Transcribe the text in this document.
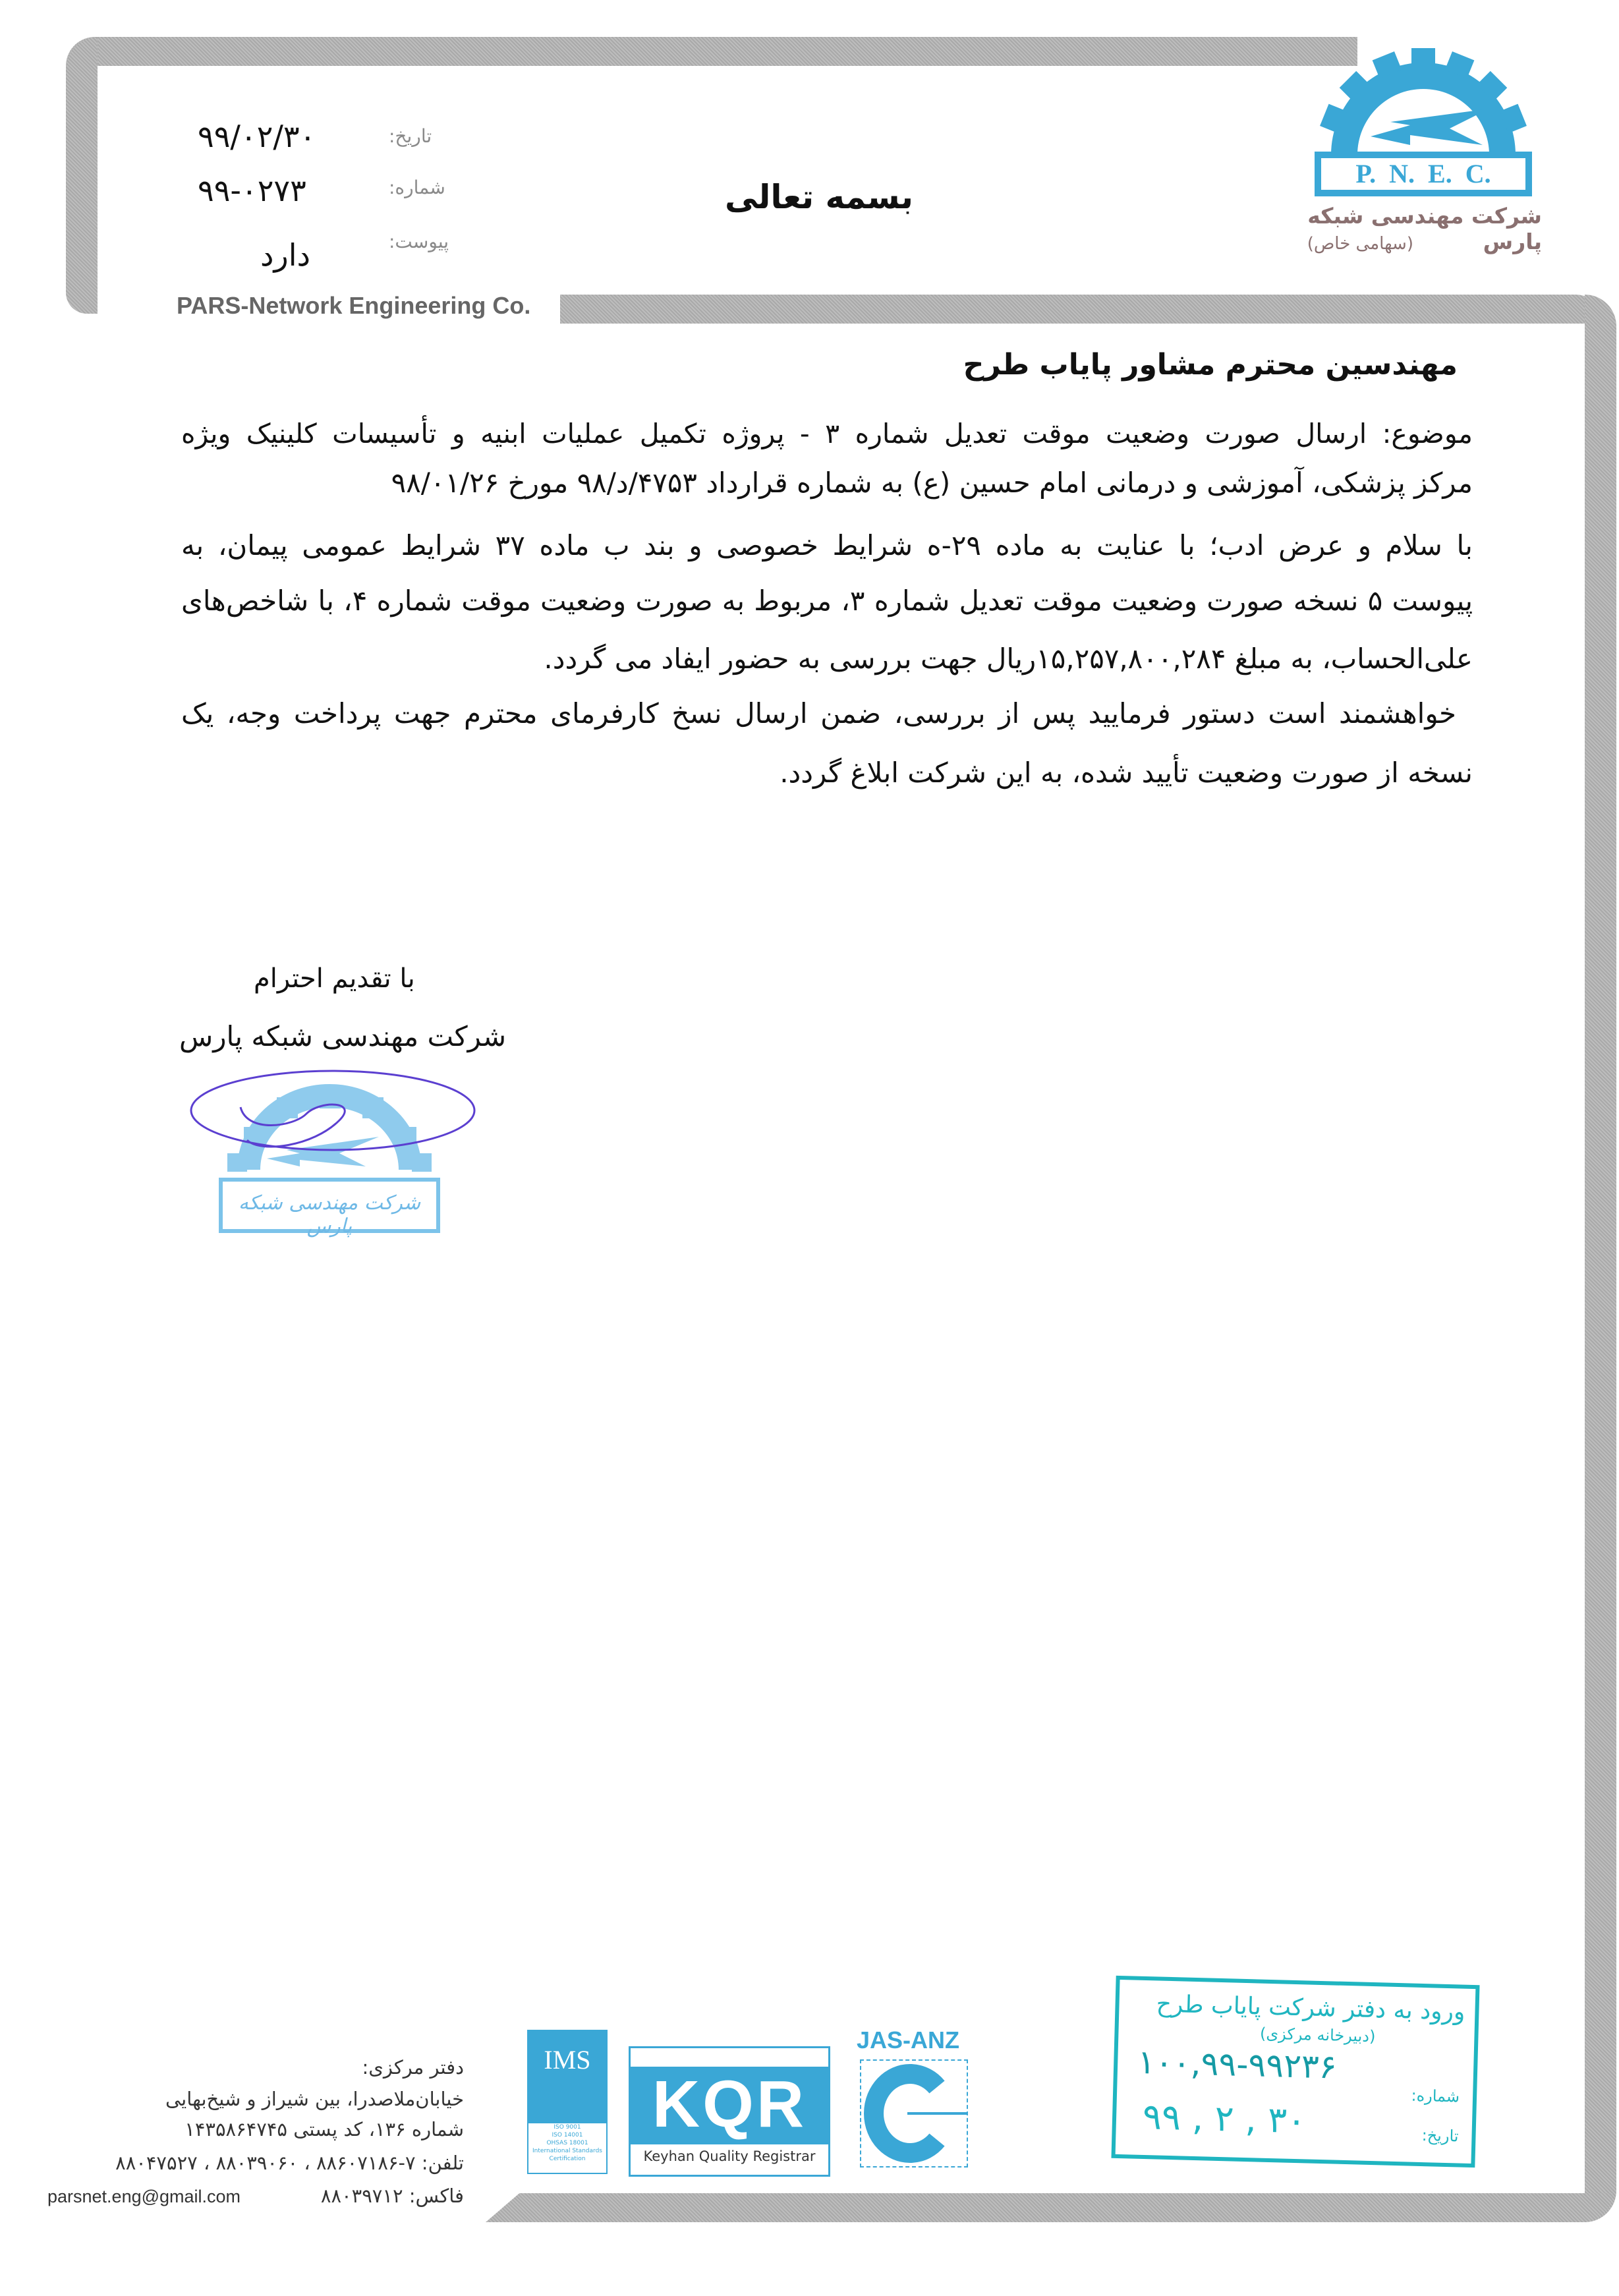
PARS-Network Engineering Co.
تاریخ:
۹۹/۰۲/۳۰
شماره:
۹۹-۰۲۷۳
پیوست:
دارد
بسمه تعالی
P.  N.  E.  C.
شرکت مهندسی شبکه پارس
(سهامی خاص)
مهندسین محترم مشاور پایاب طرح
موضوع: ارسال صورت وضعیت موقت تعدیل شماره ۳ - پروژه تکمیل عملیات ابنیه و تأسیسات کلینیک ویژه
مرکز پزشکی، آموزشی و درمانی امام حسین (ع) به شماره قرارداد ۴۷۵۳/د/۹۸ مورخ ۹۸/۰۱/۲۶
با سلام و عرض ادب؛ با عنایت به ماده ۲۹-ه شرایط خصوصی و بند ب ماده ۳۷ شرایط عمومی پیمان، به
پیوست ۵ نسخه صورت وضعیت موقت تعدیل شماره ۳، مربوط به صورت وضعیت موقت شماره ۴، با شاخص‌های
علی‌الحساب، به مبلغ ۱۵,۲۵۷,۸۰۰,۲۸۴ریال جهت بررسی به حضور ایفاد می گردد.
خواهشمند است دستور فرمایید پس از بررسی، ضمن ارسال نسخ کارفرمای محترم جهت پرداخت وجه، یک
نسخه از صورت وضعیت تأیید شده، به این شرکت ابلاغ گردد.
با تقدیم احترام
شرکت مهندسی شبکه پارس
شرکت مهندسی شبکه پارس
ورود به دفتر شرکت پایاب طرح
(دبیرخانه مرکزی)
۱۰۰,۹۹-۹۹۲۳۶
شماره:
۹۹ , ۲ , ۳۰	تاریخ:
دفتر مرکزی:
خیابان‌ملاصدرا، بین شیراز و شیخ‌بهایی
شماره ۱۳۶، کد پستی ۱۴۳۵۸۶۴۷۴۵
تلفن: ۷-۸۸۶۰۷۱۸۶ ، ۸۸۰۳۹۰۶۰ ، ۸۸۰۴۷۵۲۷
فاکس: ۸۸۰۳۹۷۱۲
parsnet.eng@gmail.com
IMS
ISO 9001
ISO 14001
OHSAS 18001
International Standards Certification
KQR
Keyhan Quality Registrar
JAS-ANZ
